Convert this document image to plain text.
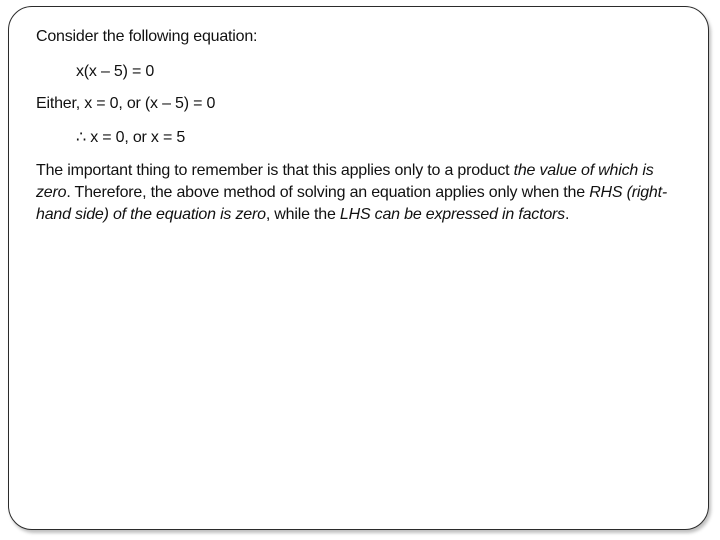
Consider the following equation:
x(x – 5) = 0
Either, x = 0, or (x – 5) = 0
∴ x = 0, or x = 5
The important thing to remember is that this applies only to a product the value of which is zero. Therefore, the above method of solving an equation applies only when the RHS (right-hand side) of the equation is zero, while the LHS can be expressed in factors.
